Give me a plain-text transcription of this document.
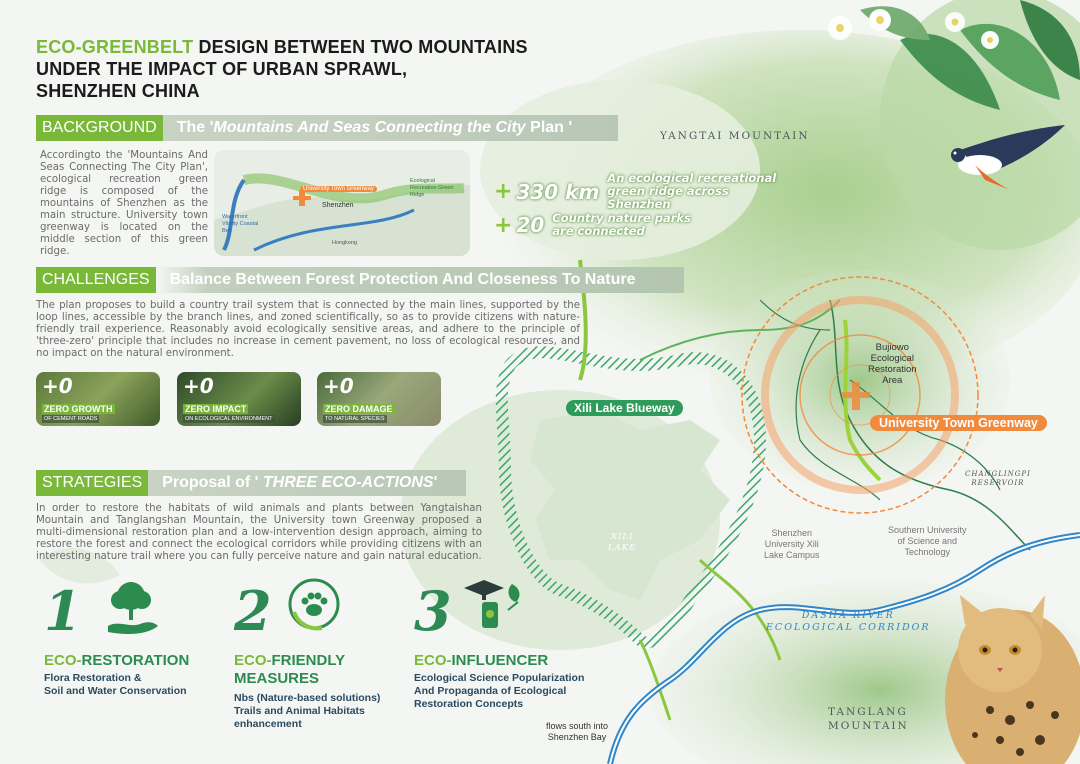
ECO-GREENBELT DESIGN BETWEEN TWO MOUNTAINS
UNDER THE IMPACT OF URBAN SPRAWL,
SHENZHEN CHINA
BACKGROUND	The 'Mountains And Seas Connecting the City Plan '
Accordingto the 'Mountains And Seas Connecting The City Plan', ecological recreation green ridge is composed of the mountains of Shenzhen as the main structure. University town greenway is located on the middle section of this green ridge.
University Town Greenway
Shenzhen
Ecological Recreation Green Ridge
Waterfront Vitality Coastal Belt
Hongkong
+ 330 km
An ecological recreational green ridge across Shenzhen
+ 20 Country nature parks are connected
CHALLENGES	Balance Between Forest Protection And Closeness To Nature
The plan proposes to build a country trail system that is connected by the main lines, supported by the loop lines, accessible by the branch lines, and zoned scientifically, so as to provide citizens with nature-friendly trail experience. Reasonably avoid ecologically sensitive areas, and adhere to the principle of 'three-zero' principle that includes no increase in cement pavement, no loss of ecological resources, and no impact on the natural environment.
+0
ZERO GROWTH
OF CEMENT ROADS
+0
ZERO IMPACT
ON ECOLOGICAL ENVIRONMENT
+0
ZERO DAMAGE
TO NATURAL SPECIES
STRATEGIES	Proposal of ' THREE ECO-ACTIONS'
In order to restore the habitats of wild animals and plants between Yangtaishan Mountain and Tanglangshan Mountain, the University town Greenway proposed a multi-dimensional restoration plan and a low-intervention design approach, aiming to restore the forest and connect the ecological corridors while providing citizens with an interesting nature trail where you can fully perceive nature and gain natural education.
1
ECO-RESTORATION
Flora Restoration &
Soil and Water Conservation
2
ECO-FRIENDLY
MEASURES
Nbs (Nature-based solutions)
Trails and Animal Habitats
enhancement
3
ECO-INFLUENCER
Ecological Science Popularization
And Propaganda of Ecological
Restoration Concepts
YANGTAI MOUNTAIN
TANGLANG
MOUNTAIN
Xili Lake Blueway
XILI
LAKE
Bujiowo
Ecological
Restoration
Area
University Town Greenway
CHANGLINGPI
RESERVOIR
Shenzhen
University Xili
Lake Campus
Southern University
of Science and
Technology
DASHA RIVER
ECOLOGICAL CORRIDOR
flows south into
Shenzhen Bay
